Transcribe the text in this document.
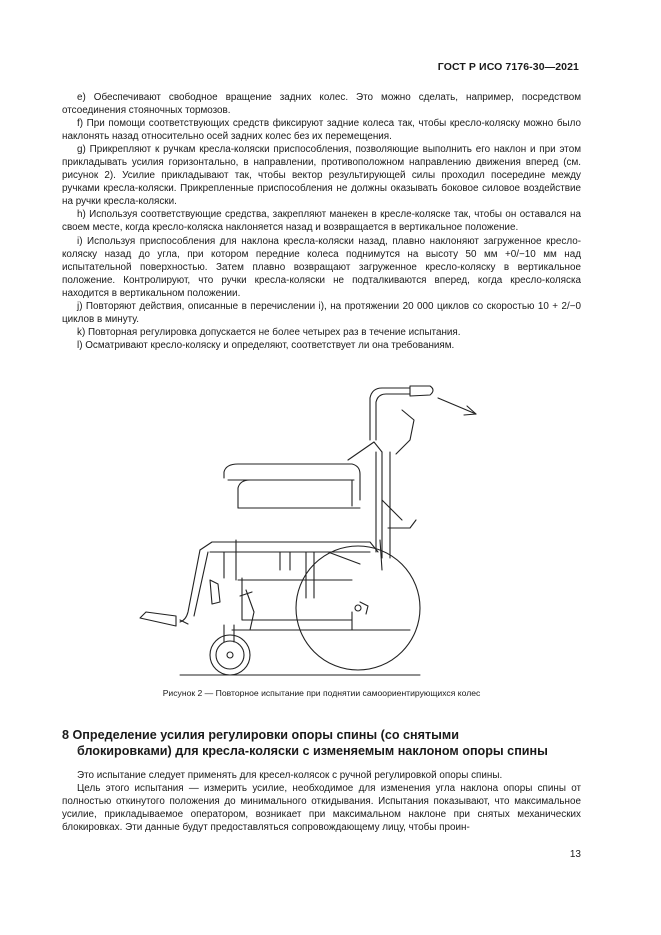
ГОСТ Р ИСО 7176-30—2021

e) Обеспечивают свободное вращение задних колес. Это можно сделать, например, посредством отсоединения стояночных тормозов.

f) При помощи соответствующих средств фиксируют задние колеса так, чтобы кресло-коляску можно было наклонять назад относительно осей задних колес без их перемещения.

g) Прикрепляют к ручкам кресла-коляски приспособления, позволяющие выполнить его наклон и при этом прикладывать усилия горизонтально, в направлении, противоположном направлению движения вперед (см. рисунок 2). Усилие прикладывают так, чтобы вектор результирующей силы проходил посередине между ручками кресла-коляски. Прикрепленные приспособления не должны оказывать боковое силовое воздействие на ручки кресла-коляски.

h) Используя соответствующие средства, закрепляют манекен в кресле-коляске так, чтобы он оставался на своем месте, когда кресло-коляска наклоняется назад и возвращается в вертикальное положение.

i) Используя приспособления для наклона кресла-коляски назад, плавно наклоняют загруженное кресло-коляску назад до угла, при котором передние колеса поднимутся на высоту 50 мм +0/−10 мм над испытательной поверхностью. Затем плавно возвращают загруженное кресло-коляску в вертикальное положение. Контролируют, что ручки кресла-коляски не подталкиваются вперед, когда кресло-коляска находится в вертикальном положении.

j) Повторяют действия, описанные в перечислении i), на протяжении 20 000 циклов со скоростью 10 + 2/−0 циклов в минуту.

k) Повторная регулировка допускается не более четырех раз в течение испытания.

l) Осматривают кресло-коляску и определяют, соответствует ли она требованиям.

Рисунок 2 — Повторное испытание при поднятии самоориентирующихся колес
8 Определение усилия регулировки опоры спины (со снятыми
блокировками) для кресла-коляски с изменяемым наклоном опоры спины

Это испытание следует применять для кресел-колясок с ручной регулировкой опоры спины.

Цель этого испытания — измерить усилие, необходимое для изменения угла наклона опоры спины от полностью откинутого положения до минимального откидывания. Испытания показывают, что максимальное усилие, прикладываемое оператором, возникает при максимальном наклоне при снятых механических блокировках. Эти данные будут предоставляться сопровождающему лицу, чтобы проин-

13
